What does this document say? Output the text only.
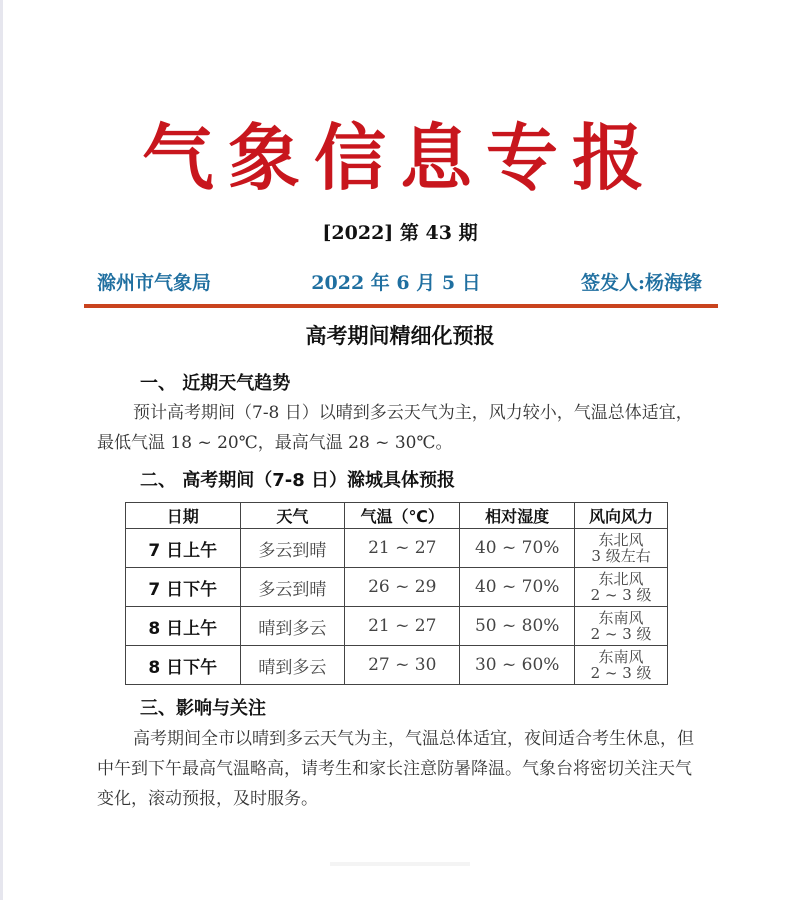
气象信息专报
[2022] 第 43 期
滁州市气象局	2022 年 6 月 5 日	签发人:杨海锋
高考期间精细化预报
一、 近期天气趋势
预计高考期间（7-8 日）以晴到多云天气为主，风力较小，气温总体适宜，最低气温 18 ~ 20℃，最高气温 28 ~ 30℃。
二、 高考期间（7-8 日）滁城具体预报
日期	天气	气温（℃）	相对湿度	风向风力
7 日上午	多云到晴	21 ~ 27	40 ~ 70%	东北风
3 级左右

7 日下午	多云到晴	26 ~ 29	40 ~ 70%	东北风
2 ~ 3 级

8 日上午	晴到多云	21 ~ 27	50 ~ 80%	东南风
2 ~ 3 级

8 日下午	晴到多云	27 ~ 30	30 ~ 60%	东南风
2 ~ 3 级
三、影响与关注
高考期间全市以晴到多云天气为主，气温总体适宜，夜间适合考生休息，但中午到下午最高气温略高，请考生和家长注意防暑降温。气象台将密切关注天气变化，滚动预报，及时服务。
